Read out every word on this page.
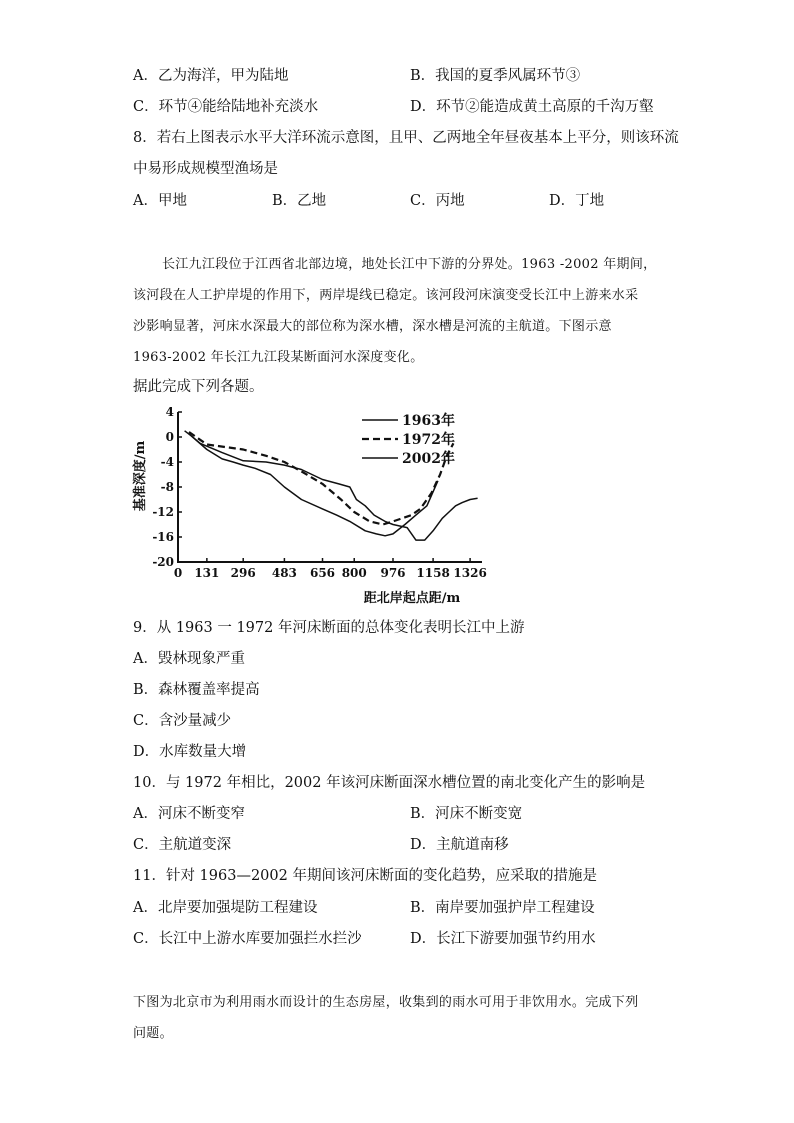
A．乙为海洋，甲为陆地	B．我国的夏季风属环节③
C．环节④能给陆地补充淡水	D．环节②能造成黄土高原的千沟万壑
8．若右上图表示水平大洋环流示意图，且甲、乙两地全年昼夜基本上平分，则该环流
中易形成规模型渔场是
A．甲地	B．乙地	C．丙地	D．丁地
长江九江段位于江西省北部边境，地处长江中下游的分界处。1963 -2002 年期间，
该河段在人工护岸堤的作用下，两岸堤线已稳定。该河段河床演变受长江中上游来水采
沙影响显著，河床水深最大的部位称为深水槽，深水槽是河流的主航道。下图示意
1963-2002 年长江九江段某断面河水深度变化。
据此完成下列各题。
4
0
-4
-8
-12
-16
-20
0 131 296 483 656 800 976 1158 1326
1963年
1972年
2002年
基准深度/m
距北岸起点距/m
9．从 1963 一 1972 年河床断面的总体变化表明长江中上游
A．毁林现象严重
B．森林覆盖率提高
C．含沙量减少
D．水库数量大增
10．与 1972 年相比，2002 年该河床断面深水槽位置的南北变化产生的影响是
A．河床不断变窄	B．河床不断变宽
C．主航道变深	D．主航道南移
11．针对 1963—2002 年期间该河床断面的变化趋势，应采取的措施是
A．北岸要加强堤防工程建设	B．南岸要加强护岸工程建设
C．长江中上游水库要加强拦水拦沙	D．长江下游要加强节约用水
下图为北京市为利用雨水而设计的生态房屋，收集到的雨水可用于非饮用水。完成下列
问题。
